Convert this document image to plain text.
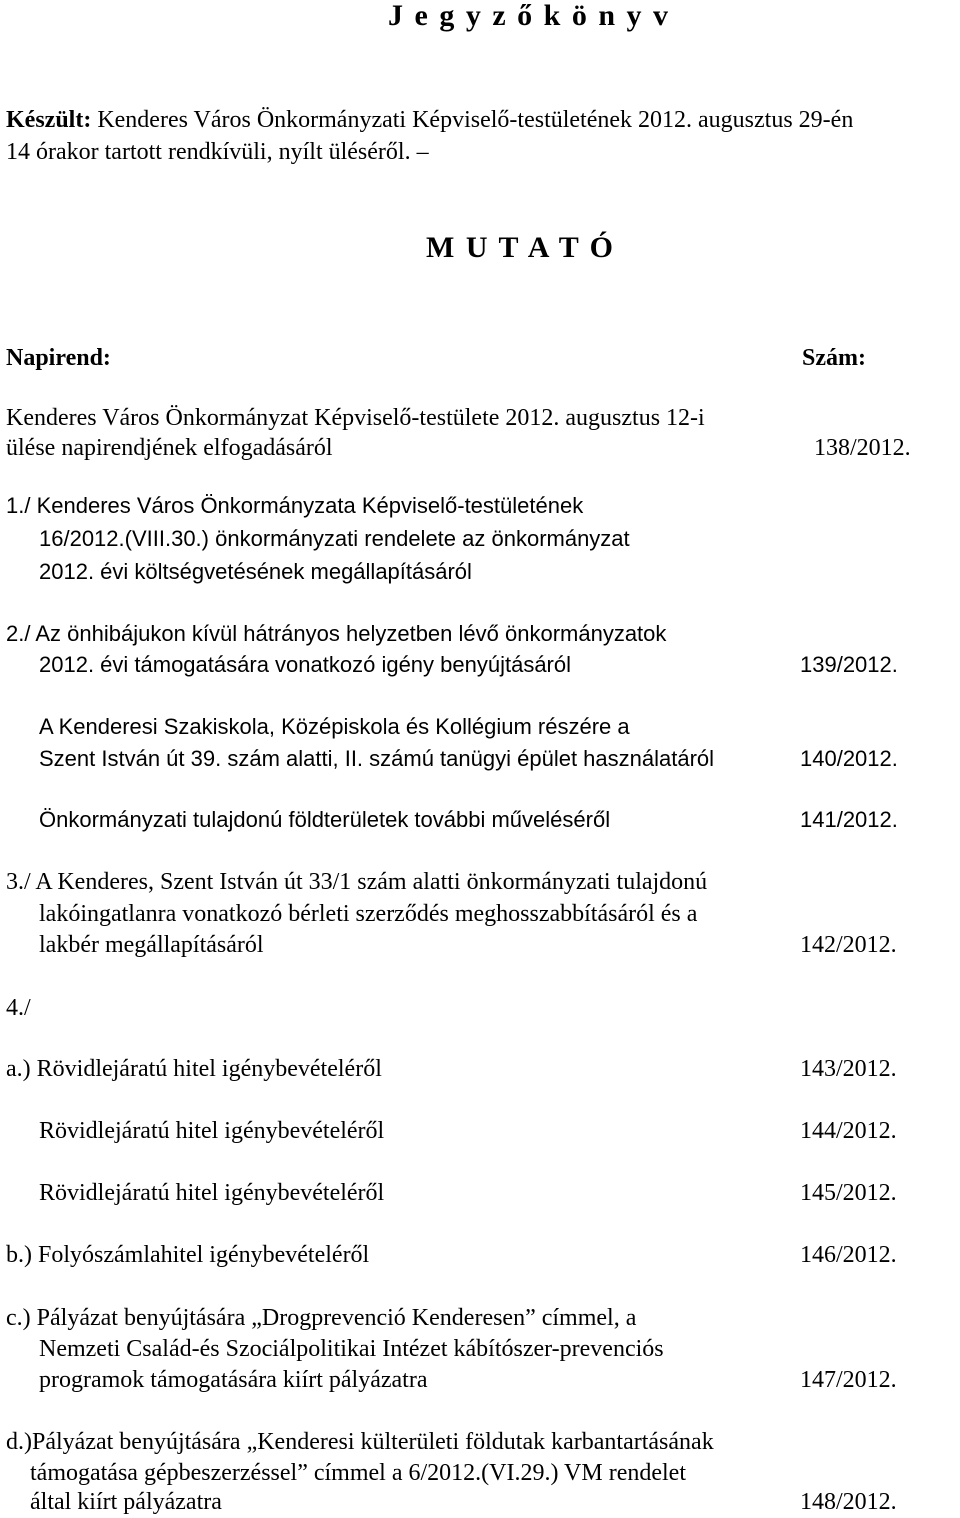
J e g y z ő k ö n y v
Készült: Kenderes Város Önkormányzati Képviselő-testületének 2012. augusztus 29-én
14 órakor tartott rendkívüli, nyílt üléséről. –
M U T A T Ó
Napirend:	Szám:
Kenderes Város Önkormányzat Képviselő-testülete 2012. augusztus 12-i
ülése napirendjének elfogadásáról	138/2012.
1./ Kenderes Város Önkormányzata Képviselő-testületének
16/2012.(VIII.30.) önkormányzati rendelete az önkormányzat
2012. évi költségvetésének megállapításáról
2./ Az önhibájukon kívül hátrányos helyzetben lévő önkormányzatok
2012. évi támogatására vonatkozó igény benyújtásáról	139/2012.
A Kenderesi Szakiskola, Középiskola és Kollégium részére a
Szent István út 39. szám alatti, II. számú tanügyi épület használatáról	140/2012.
Önkormányzati tulajdonú földterületek további műveléséről	141/2012.
3./ A Kenderes, Szent István út 33/1 szám alatti önkormányzati tulajdonú
lakóingatlanra vonatkozó bérleti szerződés meghosszabbításáról és a
lakbér megállapításáról	142/2012.
4./
a.) Rövidlejáratú hitel igénybevételéről	143/2012.
Rövidlejáratú hitel igénybevételéről	144/2012.
Rövidlejáratú hitel igénybevételéről	145/2012.
b.) Folyószámlahitel igénybevételéről	146/2012.
c.) Pályázat benyújtására „Drogprevenció Kenderesen” címmel, a
Nemzeti Család-és Szociálpolitikai Intézet kábítószer-prevenciós
programok támogatására kiírt pályázatra	147/2012.
d.)Pályázat benyújtására „Kenderesi külterületi földutak karbantartásának
támogatása gépbeszerzéssel” címmel a 6/2012.(VI.29.) VM rendelet
által kiírt pályázatra	148/2012.
